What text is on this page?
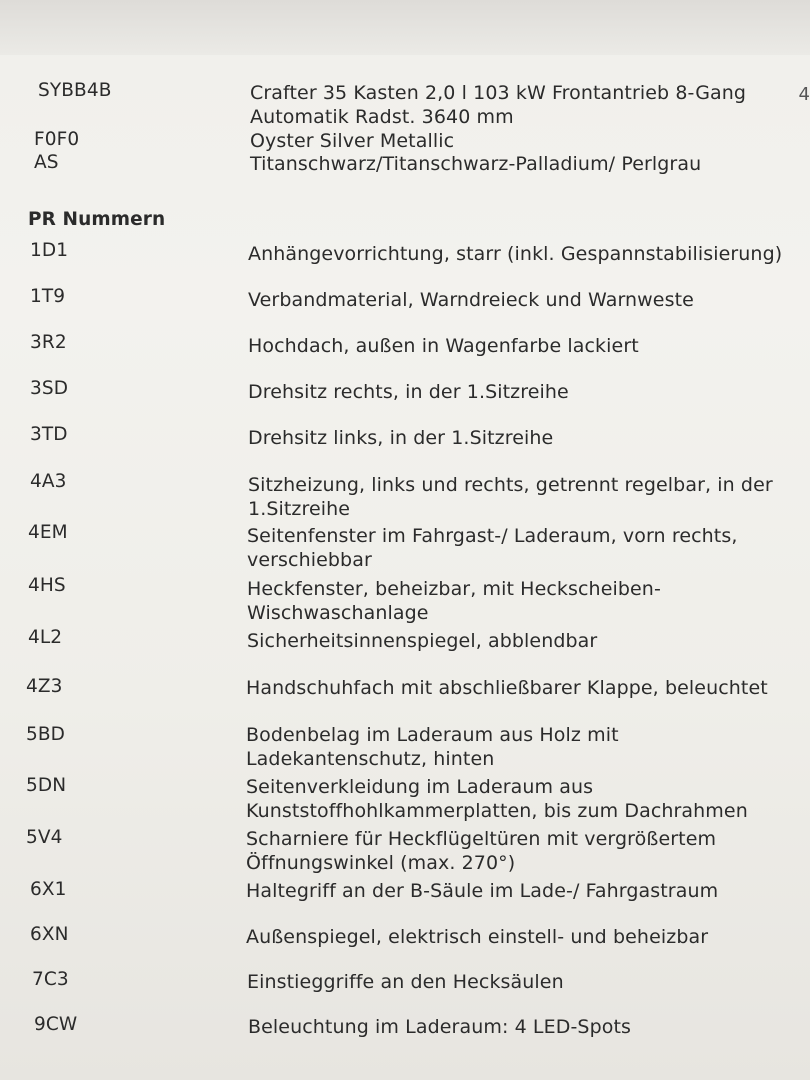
SYBB4B	Crafter 35 Kasten 2,0 l 103 kW Frontantrieb 8-Gang	4
Automatik Radst. 3640 mm
F0F0	Oyster Silver Metallic
AS	Titanschwarz/Titanschwarz-Palladium/ Perlgrau
PR Nummern
1D1	Anhängevorrichtung, starr (inkl. Gespannstabilisierung)
1T9	Verbandmaterial, Warndreieck und Warnweste
3R2	Hochdach, außen in Wagenfarbe lackiert
3SD	Drehsitz rechts, in der 1.Sitzreihe
3TD	Drehsitz links, in der 1.Sitzreihe
4A3	Sitzheizung, links und rechts, getrennt regelbar, in der
1.Sitzreihe
4EM	Seitenfenster im Fahrgast-/ Laderaum, vorn rechts,
verschiebbar
4HS	Heckfenster, beheizbar, mit Heckscheiben-
Wischwaschanlage
4L2	Sicherheitsinnenspiegel, abblendbar
4Z3	Handschuhfach mit abschließbarer Klappe, beleuchtet
5BD	Bodenbelag im Laderaum aus Holz mit
Ladekantenschutz, hinten
5DN	Seitenverkleidung im Laderaum aus
Kunststoffhohlkammerplatten, bis zum Dachrahmen
5V4	Scharniere für Heckflügeltüren mit vergrößertem
Öffnungswinkel (max. 270°)
6X1	Haltegriff an der B-Säule im Lade-/ Fahrgastraum
6XN	Außenspiegel, elektrisch einstell- und beheizbar
7C3	Einstieggriffe an den Hecksäulen
9CW	Beleuchtung im Laderaum: 4 LED-Spots
